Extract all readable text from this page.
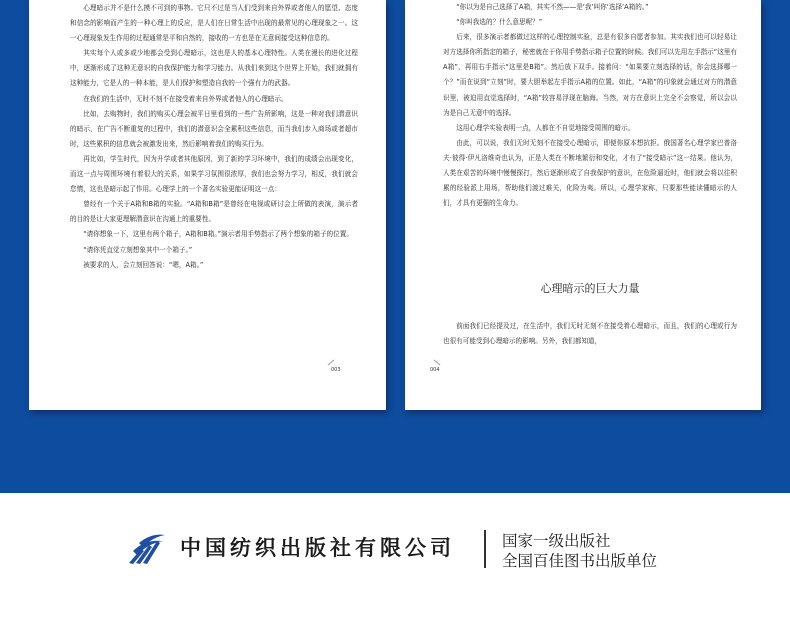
心理暗示并不是什么摸不可到的事物。它只不过是当人们受到来自外界或者他人的愿望、态度和信念的影响而产生的一种心理上的反应，是人们在日常生活中出现的最常见的心理现象之一。这一心理现象发生作用的过程通常是平和自然的，接收的一方也是在无意间接受这种信息的。

其实每个人或多或少地都会受到心理暗示，这也是人的基本心理特性。人类在漫长的进化过程中，逐渐形成了这种无意识的自我保护能力和学习能力。从我们来到这个世界上开始，我们就拥有这种能力，它是人的一种本能，是人们保护和塑造自我的一个强有力的武器。

在我们的生活中，无时不刻不在接受着来自外界或者他人的心理暗示。

比如，去购物时，我们的购买心理会被平日里看到的一些广告所影响，这是一种对我们潜意识的暗示，在广告不断重复的过程中，我们的潜意识会全累积这些信息，而当我们步入商场或者超市时，这些累积的信息就会被激发出来，然后影响着我们的购买行为。

再比如，学生时代，因为升学或者其他原因，到了新的学习环境中，我们的成绩会出现变化，而这一点与周围环境有着很大的关系，如果学习氛围很浓厚，我们也会努力学习，相反，我们就会怠惰，这也是暗示起了作用。心理学上的一个著名实验更能证明这一点：

曾经有一个关于A箱和B箱的实验。“A箱和B箱”是曾经在电视或研讨会上所做的表演，演示者的目的是让大家更理解潜意识在沟通上的重要性。

“请你想象一下，这里有两个箱子，A箱和B箱。”演示者用手势指示了两个想象的箱子的位置。

“请你凭直觉立刻想象其中一个箱子。”

被要求的人，会立刻回答说：“嗯，A箱。”

003

“你以为是自己选择了A箱，其实不然——是‘我’叫你‘选择’A箱的。”

“你叫我选的？什么意思呢？”

后来，很多演示者都做过这样的心理控制实验，总是有很多自愿者参加。其实我们也可以轻易让对方选择你所指定的箱子，秘密就在于你用手势指示箱子位置的时候。我们可以先用左手指示“这里有A箱”，再用右手指示“这里是B箱”。然后放下双手。接着问：“如果要立刻选择的话，你会选择哪一个？”而在说到“立刻”时，要大胆举起左手指示A箱的位置。如此，“A箱”的印象就会通过对方的潜意识里，被迫用直觉选择时，“A箱”较容易浮现在脑海。当然，对方在意识上完全不会察觉，所以会以为是自己无意中的选择。

这用心理学实验表明一点，人都在不自觉地接受周围的暗示。

由此，可以说，我们无时无刻不在接受心理暗示，即便你原本想抗拒。俄国著名心理学家巴普洛夫·彼得·伊凡洛维奇也认为，正是人类在不断地繁衍和变化，才有了“接受暗示”这一结果。他认为，人类在艰苦的环境中慢慢探打，然后逐渐形成了自我保护的意识，在危险逼近时，他们就会将以往积累的经验派上用场，帮助他们渡过难关，化险为夷。所以，心理学家称，只要那些能读懂暗示的人们，才具有更强的生命力。

心理暗示的巨大力量

前面我们已经提及过，在生活中，我们无时无刻不在接受着心理暗示，而且，我们的心理或行为也很有可能受到心理暗示的影响。另外，我们都知道，

004
中国纺织出版社有限公司	国家一级出版社
全国百佳图书出版单位
